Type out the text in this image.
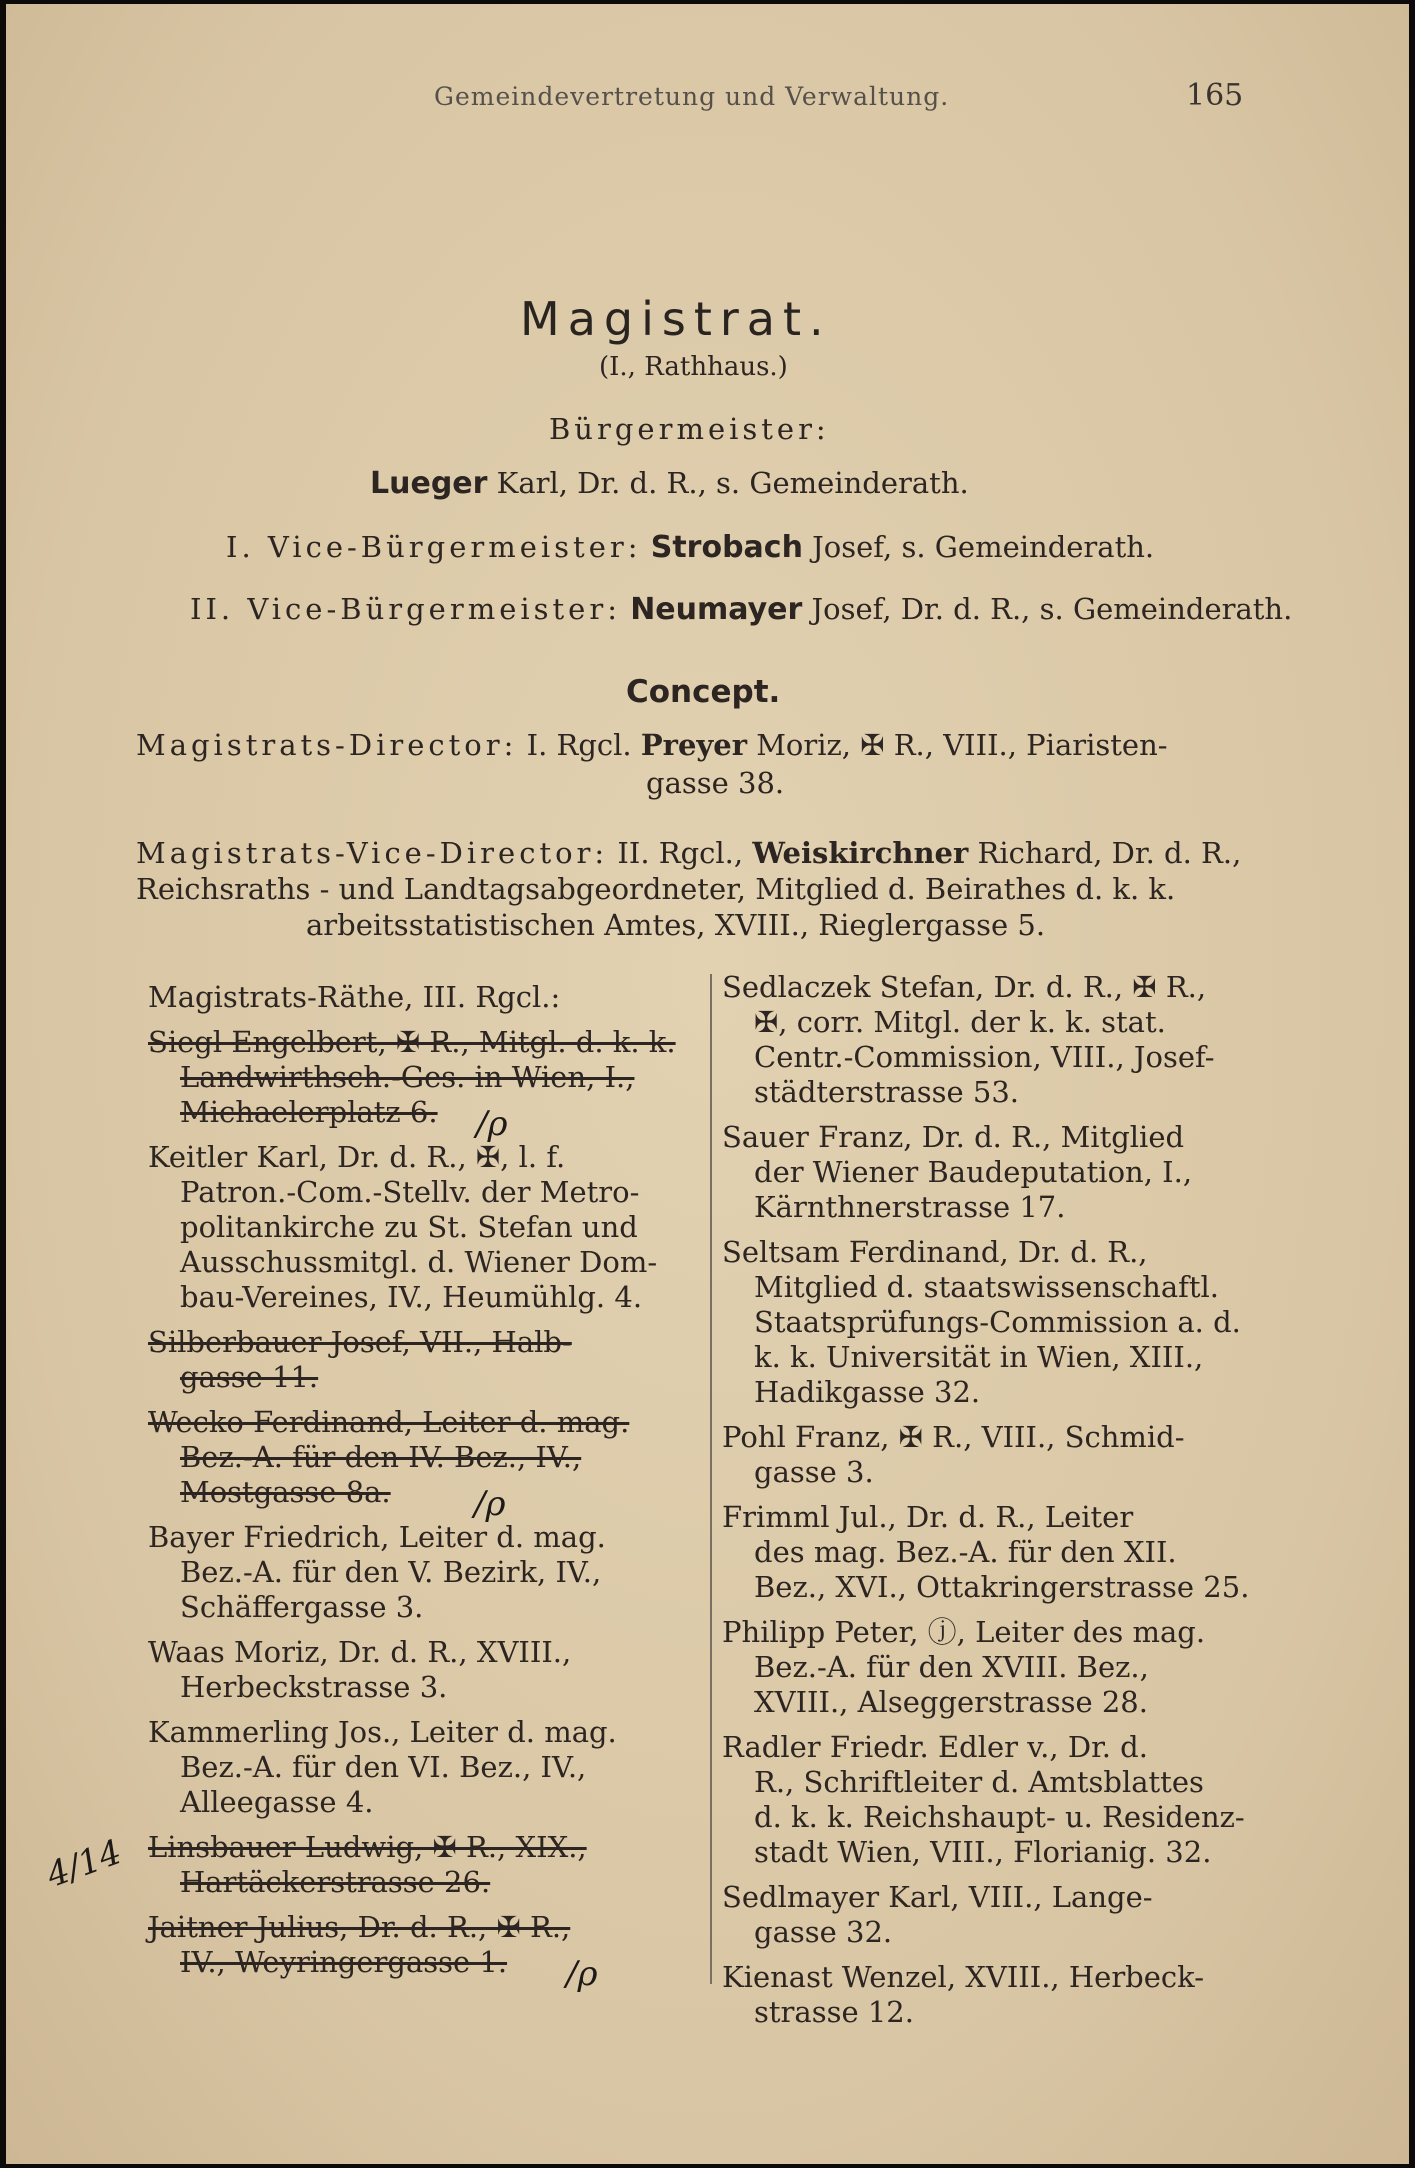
Gemeindevertretung und Verwaltung.	165
Magistrat.
(I., Rathhaus.)
Bürgermeister:
Lueger Karl, Dr. d. R., s. Gemeinderath.
I. Vice-Bürgermeister: Strobach Josef, s. Gemeinderath.
II. Vice-Bürgermeister: Neumayer Josef, Dr. d. R., s. Gemeinderath.
Concept.
Magistrats-Director: I. Rgcl. Preyer Moriz, ✠ R., VIII., Piaristen-
gasse 38.
Magistrats-Vice-Director: II. Rgcl., Weiskirchner Richard, Dr. d. R.,
Reichsraths - und Landtagsabgeordneter, Mitglied d. Beirathes d. k. k.
arbeitsstatistischen Amtes, XVIII., Rieglergasse 5.
Magistrats-Räthe, III. Rgcl.:
Siegl Engelbert, ✠ R., Mitgl. d. k. k.
Landwirthsch.-Ges. in Wien, I.,
Michaelerplatz 6.
Keitler Karl, Dr. d. R., ✠, l. f.
Patron.-Com.-Stellv. der Metro-
politankirche zu St. Stefan und
Ausschussmitgl. d. Wiener Dom-
bau-Vereines, IV., Heumühlg. 4.
Silberbauer Josef, VII., Halb-
gasse 11.
Wecko Ferdinand, Leiter d. mag.
Bez.-A. für den IV. Bez., IV.,
Mostgasse 8a.
Bayer Friedrich, Leiter d. mag.
Bez.-A. für den V. Bezirk, IV.,
Schäffergasse 3.
Waas Moriz, Dr. d. R., XVIII.,
Herbeckstrasse 3.
Kammerling Jos., Leiter d. mag.
Bez.-A. für den VI. Bez., IV.,
Alleegasse 4.
Linsbauer Ludwig, ✠ R., XIX.,
Hartäckerstrasse 26.
Jaitner Julius, Dr. d. R., ✠ R.,
IV., Weyringergasse 1.
Sedlaczek Stefan, Dr. d. R., ✠ R.,
✠, corr. Mitgl. der k. k. stat.
Centr.-Commission, VIII., Josef-
städterstrasse 53.
Sauer Franz, Dr. d. R., Mitglied
der Wiener Baudeputation, I.,
Kärnthnerstrasse 17.
Seltsam Ferdinand, Dr. d. R.,
Mitglied d. staatswissenschaftl.
Staatsprüfungs-Commission a. d.
k. k. Universität in Wien, XIII.,
Hadikgasse 32.
Pohl Franz, ✠ R., VIII., Schmid-
gasse 3.
Frimml Jul., Dr. d. R., Leiter
des mag. Bez.-A. für den XII.
Bez., XVI., Ottakringerstrasse 25.
Philipp Peter, ⓙ, Leiter des mag.
Bez.-A. für den XVIII. Bez.,
XVIII., Alseggerstrasse 28.
Radler Friedr. Edler v., Dr. d.
R., Schriftleiter d. Amtsblattes
d. k. k. Reichshaupt- u. Residenz-
stadt Wien, VIII., Florianig. 32.
Sedlmayer Karl, VIII., Lange-
gasse 32.
Kienast Wenzel, XVIII., Herbeck-
strasse 12.
/ρ
/ρ
4/14
/ρ
